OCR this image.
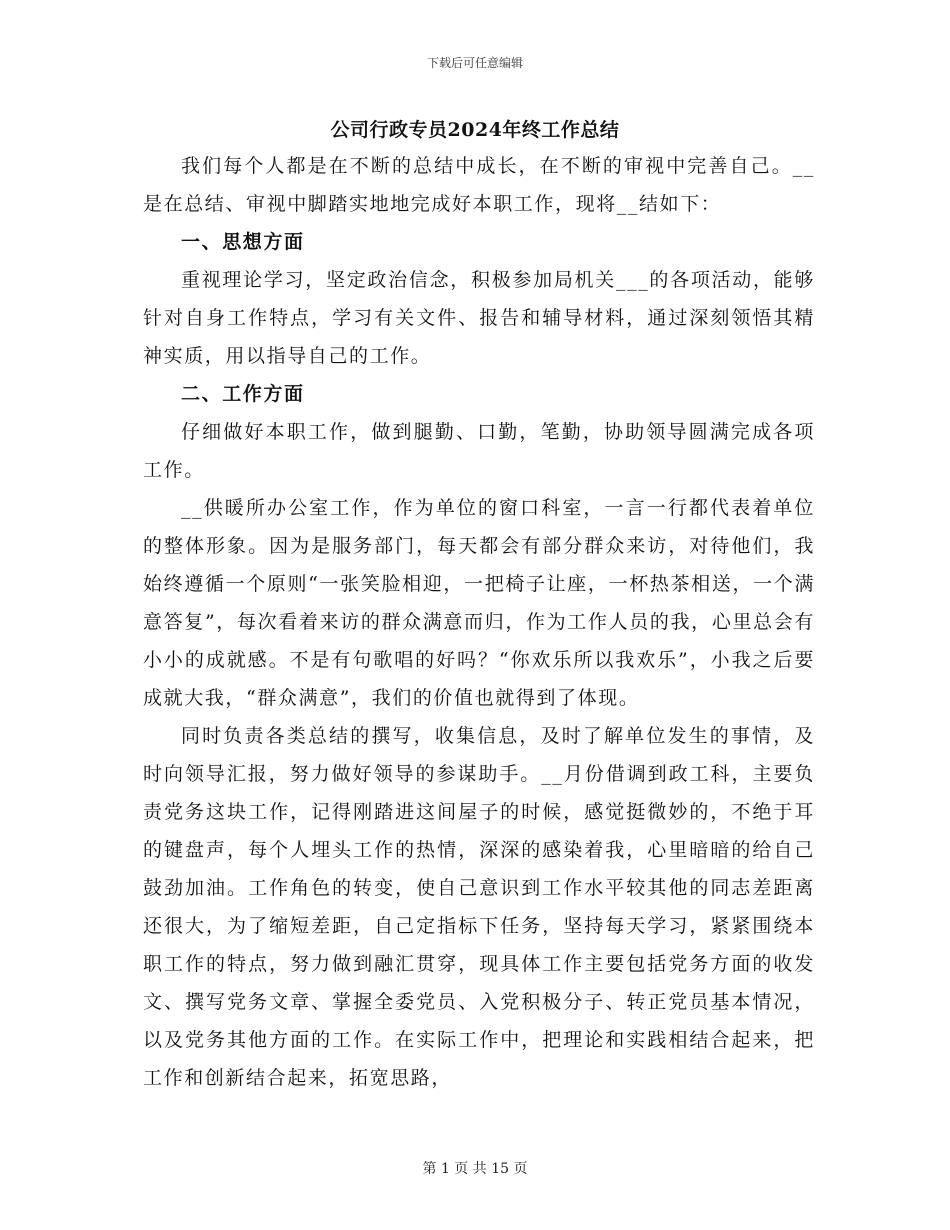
下载后可任意编辑
公司行政专员2024年终工作总结

我们每个人都是在不断的总结中成长，在不断的审视中完善自己。__是在总结、审视中脚踏实地地完成好本职工作，现将__结如下：

一、思想方面

重视理论学习，坚定政治信念，积极参加局机关___的各项活动，能够针对自身工作特点，学习有关文件、报告和辅导材料，通过深刻领悟其精神实质，用以指导自己的工作。

二、工作方面

仔细做好本职工作，做到腿勤、口勤，笔勤，协助领导圆满完成各项工作。

__供暖所办公室工作，作为单位的窗口科室，一言一行都代表着单位的整体形象。因为是服务部门，每天都会有部分群众来访，对待他们，我始终遵循一个原则“一张笑脸相迎，一把椅子让座，一杯热茶相送，一个满意答复”，每次看着来访的群众满意而归，作为工作人员的我，心里总会有小小的成就感。不是有句歌唱的好吗？“你欢乐所以我欢乐”，小我之后要成就大我，“群众满意”，我们的价值也就得到了体现。

同时负责各类总结的撰写，收集信息，及时了解单位发生的事情，及时向领导汇报，努力做好领导的参谋助手。__月份借调到政工科，主要负责党务这块工作，记得刚踏进这间屋子的时候，感觉挺微妙的，不绝于耳的键盘声，每个人埋头工作的热情，深深的感染着我，心里暗暗的给自己鼓劲加油。工作角色的转变，使自己意识到工作水平较其他的同志差距离还很大，为了缩短差距，自己定指标下任务，坚持每天学习，紧紧围绕本职工作的特点，努力做到融汇贯穿，现具体工作主要包括党务方面的收发文、撰写党务文章、掌握全委党员、入党积极分子、转正党员基本情况，以及党务其他方面的工作。在实际工作中，把理论和实践相结合起来，把工作和创新结合起来，拓宽思路，

第 1 页 共 15 页
